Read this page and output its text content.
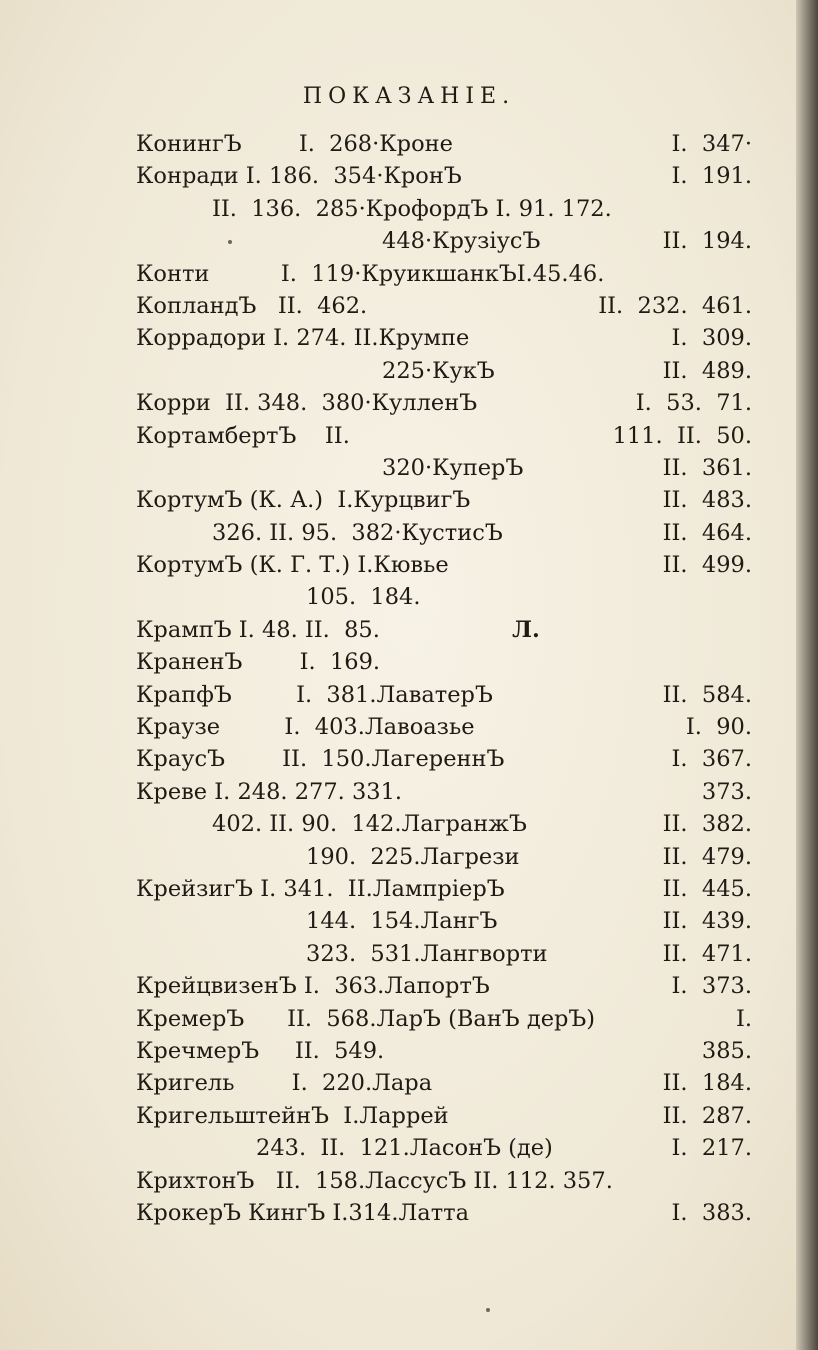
ПОКАЗАНІЕ.
КонингЪ        I.  268·Кроне	I.  347·
Конради I. 186.  354·КронЪ	I.  191.
II.  136.  285·КрофордЪ I. 91. 172.
448·КрузіусЪ	II.  194.
Конти          I.  119·КруикшанкЪI.45.46.
КопландЪ   II.  462.	II.  232.  461.
Коррадори I. 274. II.Крумпе	I.  309.
225·КукЪ	II.  489.
Корри  II. 348.  380·КулленЪ	I.  53.  71.
КортамбертЪ    II.	111.  II.  50.
320·КуперЪ	II.  361.
КортумЪ (К. А.)  I.КурцвигЪ	II.  483.
326. II. 95.  382·КустисЪ	II.  464.
КортумЪ (К. Г. Т.) I.Кювье	II.  499.
105.  184.
КрампЪ I. 48. II.  85.	Л.
КраненЪ        I.  169.
КрапфЪ         I.  381.ЛаватерЪ	II.  584.
Краузе         I.  403.Лавоазье	I.  90.
КраусЪ        II.  150.ЛагереннЪ	I.  367.
Креве I. 248. 277. 331.	373.
402. II. 90.  142.ЛагранжЪ	II.  382.
190.  225.Лагрези	II.  479.
КрейзигЪ I. 341.  II.ЛампріерЪ	II.  445.
144.  154.ЛангЪ	II.  439.
323.  531.Лангворти	II.  471.
КрейцвизенЪ I.  363.ЛапортЪ	I.  373.
КремерЪ      II.  568.ЛарЪ (ВанЪ дерЪ)	I.
КречмерЪ     II.  549.	385.
Кригель        I.  220.Лара	II.  184.
КригельштейнЪ  I.Ларрей	II.  287.
243.  II.  121.ЛасонЪ (де)	I.  217.
КрихтонЪ   II.  158.ЛассусЪ II. 112. 357.
КрокерЪ КингЪ I.314.Латта	I.  383.
